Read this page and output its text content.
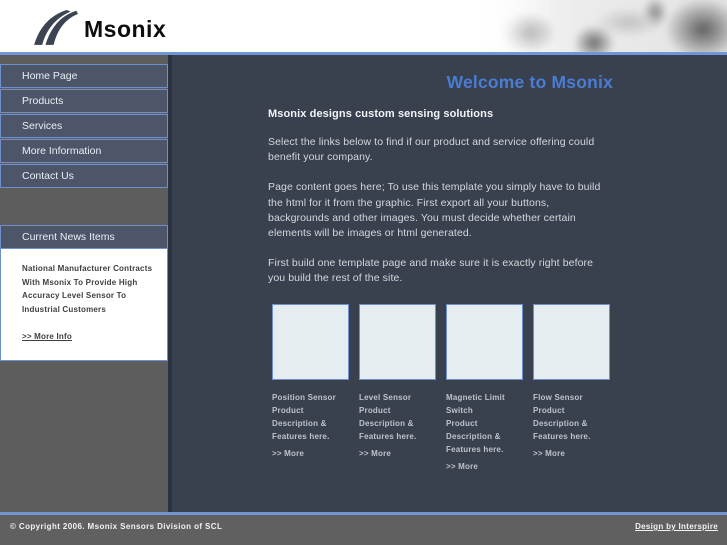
Msonix
Home Page
Products
Services
More Information
Contact Us
Current News Items
National Manufacturer Contracts With Msonix To Provide High Accuracy Level Sensor To Industrial Customers
>> More Info
Welcome to Msonix
Msonix designs custom sensing solutions
Select the links below to find if our product and service offering could benefit your company.
Page content goes here; To use this template you simply have to build the html for it from the graphic. First export all your buttons, backgrounds and other images. You must decide whether certain elements will be images or html generated.
First build one template page and make sure it is exactly right before you build the rest of the site.
Position Sensor
Product Description & Features here.
>> More
Level Sensor
Product Description & Features here.
>> More
Magnetic Limit Switch
Product Description & Features here.
>> More
Flow Sensor
Product Description & Features here.
>> More
© Copyright 2006. Msonix Sensors Division of SCL	Design by Interspire
